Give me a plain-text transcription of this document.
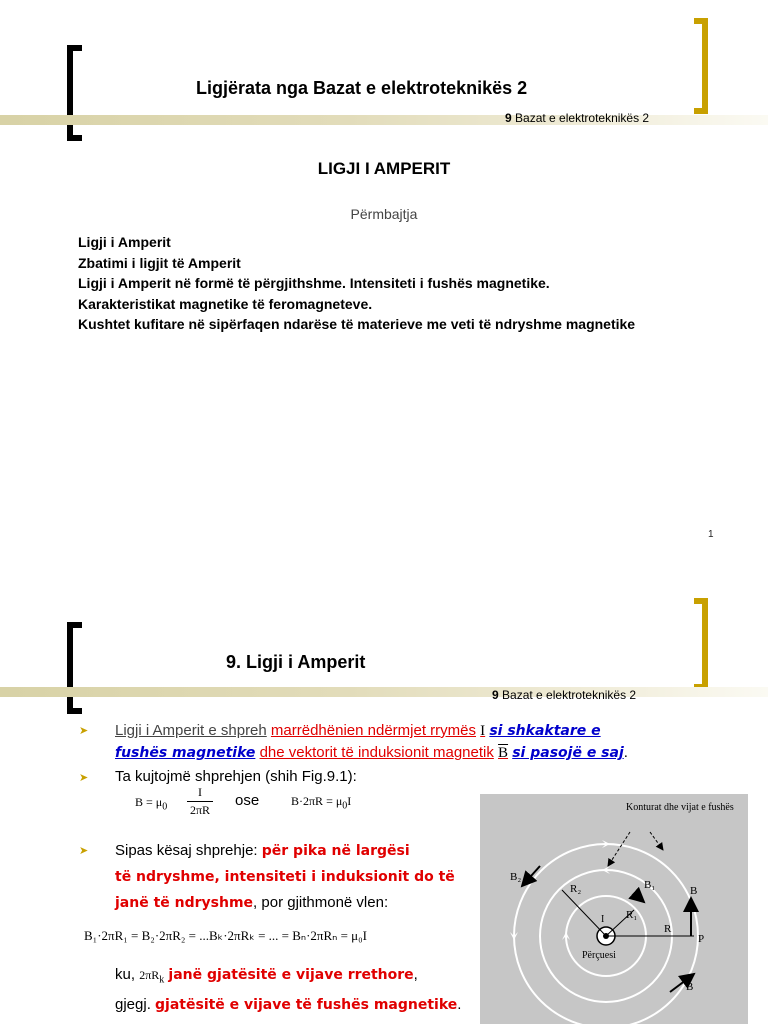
Ligjërata nga Bazat e elektroteknikës 2
9 Bazat e elektroteknikës 2
LIGJI I AMPERIT
Përmbajtja
Ligji i Amperit
Zbatimi i ligjit të Amperit
Ligji i Amperit në formë të përgjithshme. Intensiteti i fushës magnetike.
Karakteristikat magnetike të feromagneteve.
Kushtet kufitare në sipërfaqen ndarëse të materieve me veti të ndryshme magnetike
1
9. Ligji i Amperit
9 Bazat e elektroteknikës 2
➤ Ligji i Amperit e shpreh marrëdhënien ndërmjet rrymës I si shkaktare e
fushës magnetike dhe vektorit të induksionit magnetik B si pasojë e saj.
➤ Ta kujtojmë shprehjen (shih Fig.9.1):
$B = \mu_0$
I
2πR
ose	$B\cdot 2\pi R = \mu_0I$
➤ Sipas kësaj shprehje: për pika në largësi
të ndryshme, intensiteti i induksionit do të
janë të ndryshme, por gjithmonë vlen:
B₁·2πR₁ = B₂·2πR₂ = ...Bₖ·2πRₖ = ... = Bₙ·2πRₙ = μ₀I
ku, $2\pi R_k$ janë gjatësitë e vijave rrethore,
gjegj. gjatësitë e vijave të fushës magnetike.
Konturat dhe vijat e fushës
B₂
R₂	B₁	B
R₁
R
I
P
Përçuesi
B
